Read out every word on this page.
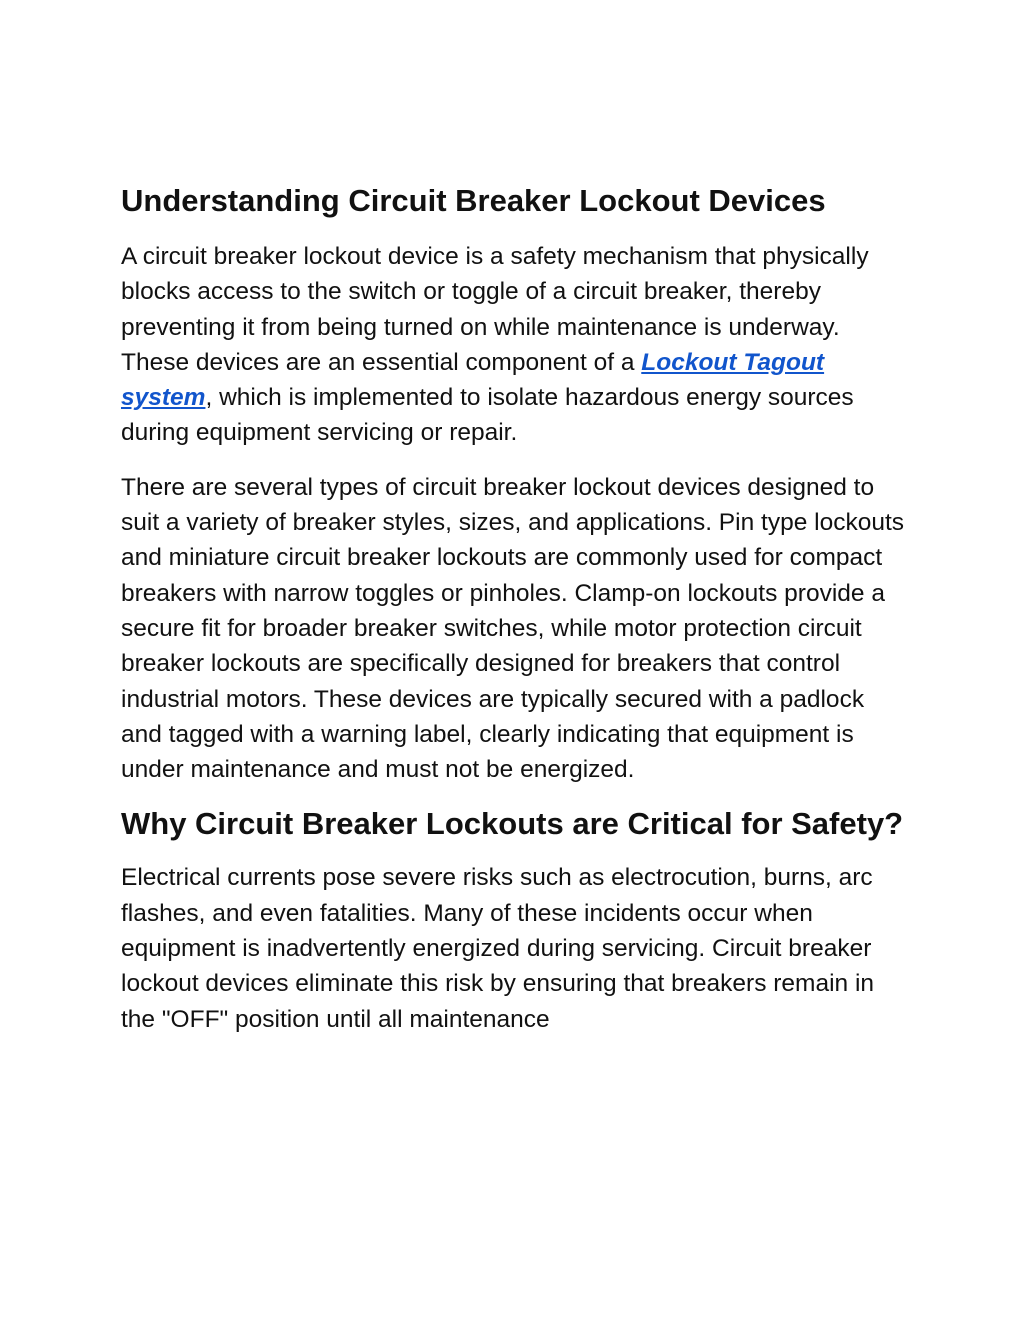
Understanding Circuit Breaker Lockout Devices

A circuit breaker lockout device is a safety mechanism that physically blocks access to the switch or toggle of a circuit breaker, thereby preventing it from being turned on while maintenance is underway. These devices are an essential component of a Lockout Tagout system, which is implemented to isolate hazardous energy sources during equipment servicing or repair.

There are several types of circuit breaker lockout devices designed to suit a variety of breaker styles, sizes, and applications. Pin type lockouts and miniature circuit breaker lockouts are commonly used for compact breakers with narrow toggles or pinholes. Clamp-on lockouts provide a secure fit for broader breaker switches, while motor protection circuit breaker lockouts are specifically designed for breakers that control industrial motors. These devices are typically secured with a padlock and tagged with a warning label, clearly indicating that equipment is under maintenance and must not be energized.

Why Circuit Breaker Lockouts are Critical for Safety?

Electrical currents pose severe risks such as electrocution, burns, arc flashes, and even fatalities. Many of these incidents occur when equipment is inadvertently energized during servicing. Circuit breaker lockout devices eliminate this risk by ensuring that breakers remain in the "OFF" position until all maintenance
